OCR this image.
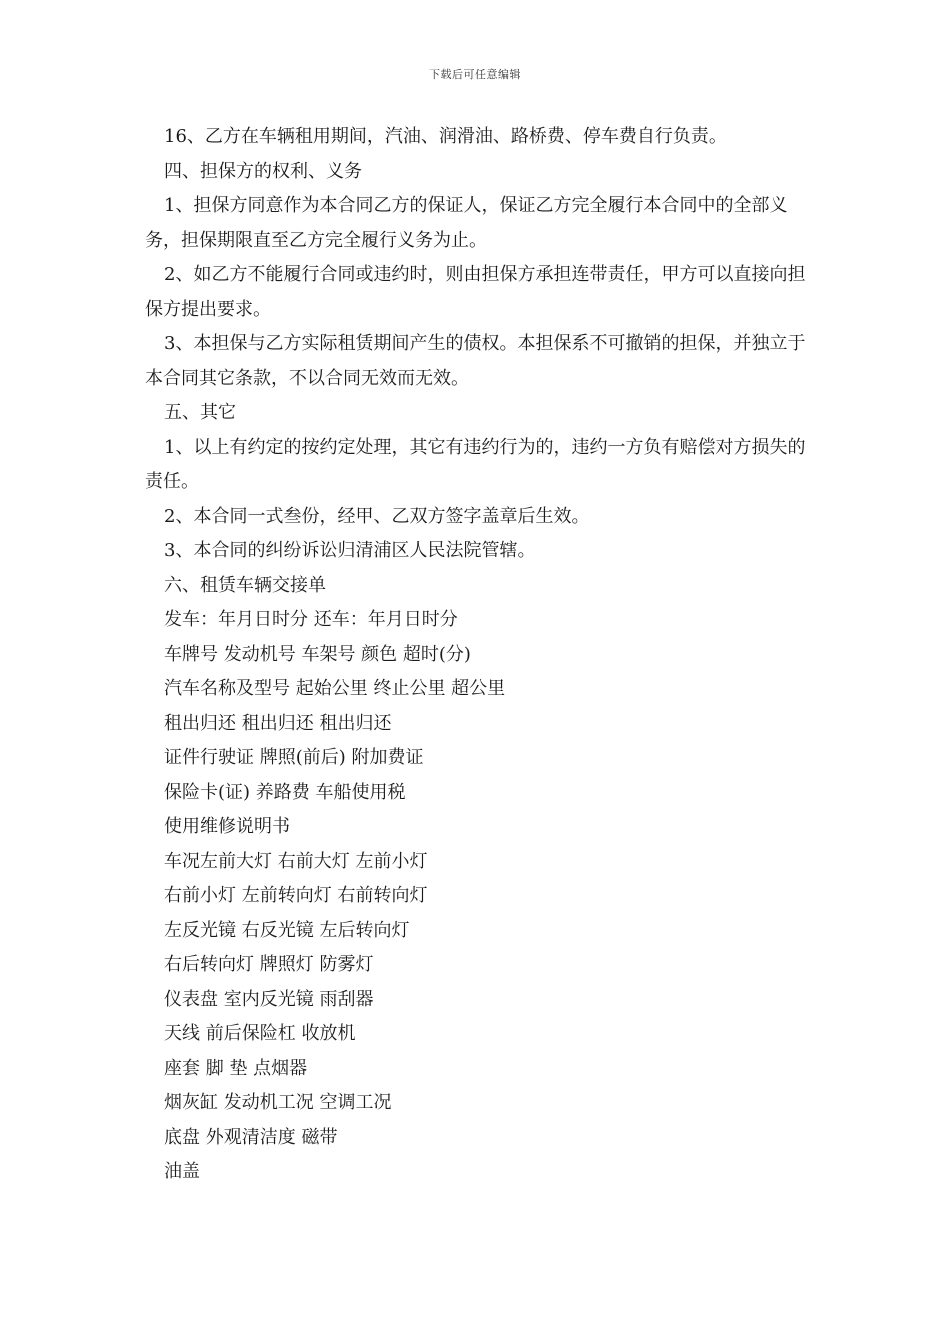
下载后可任意编辑

16、乙方在车辆租用期间，汽油、润滑油、路桥费、停车费自行负责。

四、担保方的权利、义务

1、担保方同意作为本合同乙方的保证人，保证乙方完全履行本合同中的全部义务，担保期限直至乙方完全履行义务为止。

2、如乙方不能履行合同或违约时，则由担保方承担连带责任，甲方可以直接向担保方提出要求。

3、本担保与乙方实际租赁期间产生的债权。本担保系不可撤销的担保，并独立于本合同其它条款，不以合同无效而无效。

五、其它

1、以上有约定的按约定处理，其它有违约行为的，违约一方负有赔偿对方损失的责任。

2、本合同一式叁份，经甲、乙双方签字盖章后生效。

3、本合同的纠纷诉讼归清浦区人民法院管辖。

六、租赁车辆交接单

发车：年月日时分 还车：年月日时分

车牌号 发动机号 车架号 颜色 超时(分)

汽车名称及型号 起始公里 终止公里 超公里

租出归还 租出归还 租出归还

证件行驶证 牌照(前后) 附加费证

保险卡(证) 养路费 车船使用税

使用维修说明书

车况左前大灯 右前大灯 左前小灯

右前小灯 左前转向灯 右前转向灯

左反光镜 右反光镜 左后转向灯

右后转向灯 牌照灯 防雾灯

仪表盘 室内反光镜 雨刮器

天线 前后保险杠 收放机

座套 脚 垫 点烟器

烟灰缸 发动机工况 空调工况

底盘 外观清洁度 磁带

油盖
